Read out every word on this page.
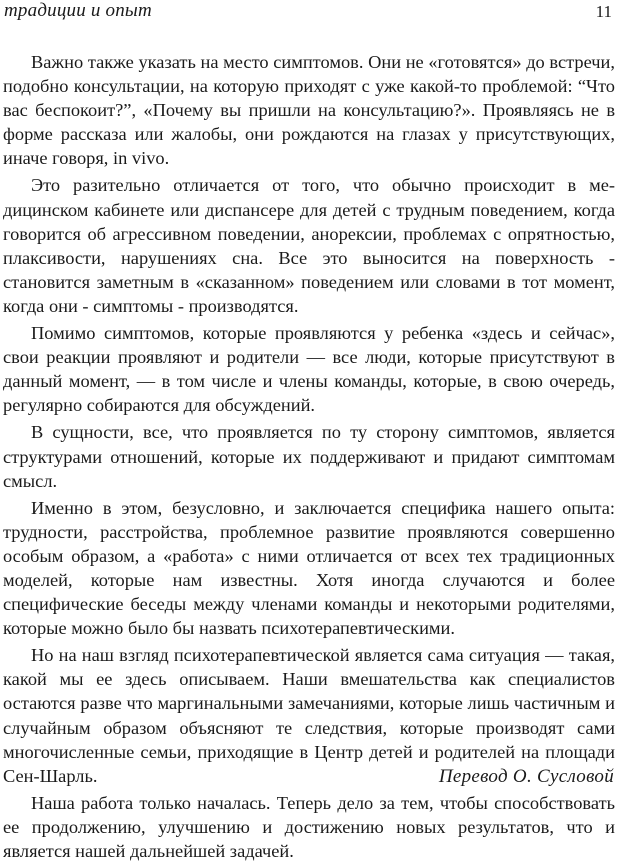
традиции и опыт	11

Важно также указать на место симптомов. Они не «готовятся» до встречи, подобно консультации, на которую приходят с уже какой-то проблемой: “Что вас беспокоит?”, «Почему вы пришли на консультацию?». Проявляясь не в форме рассказа или жалобы, они рождаются на глазах у присутствующих, иначе говоря, in vivo.

Это разительно отличается от того, что обычно происходит в медицинском кабинете или диспансере для детей с трудным поведением, когда говорится об агрессивном поведении, анорексии, проблемах с опрятностью, плаксивости, нарушениях сна. Все это выносится на поверхность - становится заметным в «сказанном» поведением или словами в тот момент, когда они - симптомы - производятся.

Помимо симптомов, которые проявляются у ребенка «здесь и сейчас», свои реакции проявляют и родители — все люди, которые присутствуют в данный момент, — в том числе и члены команды, которые, в свою очередь, регулярно собираются для обсуждений.

В сущности, все, что проявляется по ту сторону симптомов, является структурами отношений, которые их поддерживают и придают симптомам смысл.

Именно в этом, безусловно, и заключается специфика нашего опыта: трудности, расстройства, проблемное развитие проявляются совершенно особым образом, а «работа» с ними отличается от всех тех традиционных моделей, которые нам известны. Хотя иногда случаются и более специфические беседы между членами команды и некоторыми родителями, которые можно было бы назвать психотерапевтическими.

Но на наш взгляд психотерапевтической является сама ситуация — такая, какой мы ее здесь описываем. Наши вмешательства как специалистов остаются разве что маргинальными замечаниями, которые лишь частичным и случайным образом объясняют те следствия, которые производят сами многочисленные семьи, приходящие в Центр детей и родителей на площади Сен-Шарль.

Наша работа только началась. Теперь дело за тем, чтобы способствовать ее продолжению, улучшению и достижению новых результатов, что и является нашей дальнейшей задачей.

Перевод О. Сусловой
